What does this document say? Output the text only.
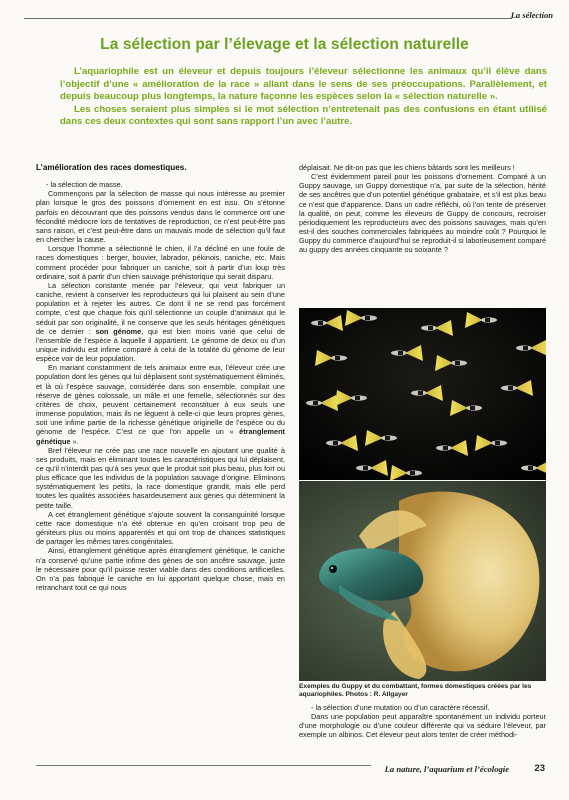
La sélection
La sélection par l’élevage et la sélection naturelle

L’aquariophile est un éleveur et depuis toujours l’éleveur sélectionne les animaux qu’il élève dans l’objectif d’une « amélioration de la race » allant dans le sens de ses préoccupations. Parallèlement, et depuis beaucoup plus longtemps, la nature façonne les espèces selon la « sélection naturelle ».

Les choses seraient plus simples si le mot sélection n’entretenait pas des confusions en étant utilisé dans ces deux contextes qui sont sans rapport l’un avec l’autre.

L’amélioration des races domestiques.

- la sélection de masse.

Commençons par la sélection de masse qui nous intéresse au premier plan lorsque le gros des poissons d’ornement en est issu. On s’étonne parfois en découvrant que des poissons vendus dans le commerce ont une fécondité médiocre lors de tentatives de reproduction, ce n’est peut-être pas sans raison, et c’est peut-être dans un mauvais mode de sélection qu’il faut en chercher la cause.

Lorsque l’homme a sélectionné le chien, il l’a décliné en une foule de races domestiques : berger, bouvier, labrador, pékinois, caniche, etc. Mais comment procéder pour fabriquer un caniche, soit à partir d’un loup très ordinaire, soit à partir d’un chien sauvage préhistorique qui serait disparu.

La sélection constante menée par l’éleveur, qui veut fabriquer un caniche, revient à conserver les reproducteurs qui lui plaisent au sein d’une population et à rejeter les autres. Ce dont il ne se rend pas forcément compte, c’est que chaque fois qu’il sélectionne un couple d’animaux qui le séduit par son originalité, il ne conserve que les seuls héritages génétiques de ce dernier : son génome, qui est bien moins varié que celui de l’ensemble de l’espèce à laquelle il appartient. Le génome de deux ou d’un unique individu est infime comparé à celui de la totalité du génome de leur espèce voir de leur population.

En mariant constamment de tels animaux entre eux, l’éleveur crée une population dont les gènes qui lui déplaisent sont systématiquement éliminés, et là où l’espèce sauvage, considérée dans son ensemble, compilait une réserve de gènes colossale, un mâle et une femelle, sélectionnés sur des critères de choix, peuvent certainement reconstituer à eux seuls une immense population, mais ils ne lèguent à celle-ci que leurs propres gènes, soit une infime partie de la richesse génétique originelle de l’espèce ou du génome de l’espèce. C’est ce que l’on appelle un « étranglement génétique ».

Bref l’éleveur ne crée pas une race nouvelle en ajoutant une qualité à ses produits, mais en éliminant toutes les caractéristiques qui lui déplaisent, ce qu’il n’interdit pas qu’à ses yeux que le produit soit plus beau, plus fort ou plus efficace que les individus de la population sauvage d’origine. Eliminons systématiquement les petits, la race domestique grandit, mais elle perd toutes les qualités associées hasardeusement aux gènes qui déterminent la petite taille.

A cet étranglement génétique s’ajoute souvent la consanguinité lorsque cette race domestique n’a été obtenue en qu’en croisant trop peu de géniteurs plus ou moins apparentés et qui ont trop de chances statistiques de partager les mêmes tares congénitales.

Ainsi, étranglement génétique après étranglement génétique, le caniche n’a conservé qu’une partie infime des gènes de son ancêtre sauvage, juste le nécessaire pour qu’il puisse rester viable dans des conditions artificielles. On n’a pas fabriqué le caniche en lui apportant quelque chose, mais en retranchant tout ce qui nous

déplaisait. Ne dit-on pas que les chiens bâtards sont les meilleurs !

C’est évidemment pareil pour les poissons d’ornement. Comparé à un Guppy sauvage, un Guppy domestique n’a, par suite de la sélection, hérité de ses ancêtres que d’un potentiel génétique grabataire, et s’il est plus beau ce n’est que d’apparence. Dans un cadre réfléchi, où l’on tente de préserver la qualité, on peut, comme les éleveurs de Guppy de concours, recroiser périodiquement les reproducteurs avec des poissons sauvages, mais qu’en est-il des souches commerciales fabriquées au moindre coût ? Pourquoi le Guppy du commerce d’aujourd’hui se reproduit-il si laborieusement comparé au guppy des années cinquante ou soixante ?

Exemples du Guppy et du combattant, formes domestiques créées par les aquariophiles. Photos : R. Allgayer

- la sélection d’une mutation ou d’un caractère récessif.

Dans une population peut apparaître spontanément un individu porteur d’une morphologie ou d’une couleur différente qui va séduire l’éleveur, par exemple un albinos. Cet éleveur peut alors tenter de créer méthodi-

La nature, l’aquarium et l’écologie	23
